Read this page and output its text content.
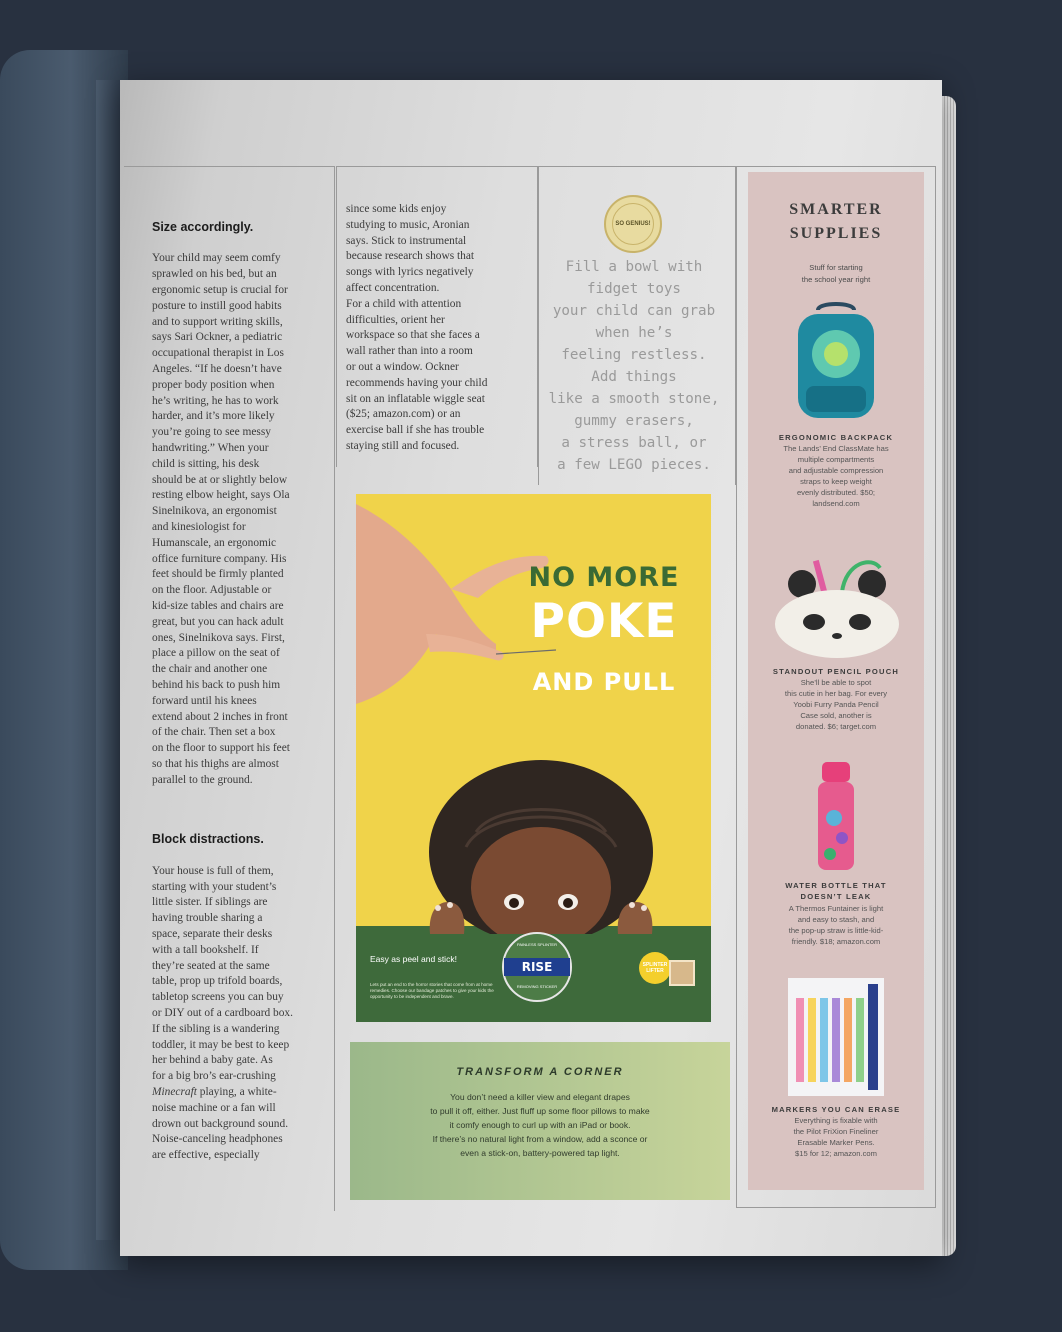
Size accordingly.

Your child may seem comfy
sprawled on his bed, but an
ergonomic setup is crucial for
posture to instill good habits
and to support writing skills,
says Sari Ockner, a pediatric
occupational therapist in Los
Angeles. “If he doesn’t have
proper body position when
he’s writing, he has to work
harder, and it’s more likely
you’re going to see messy
handwriting.” When your
child is sitting, his desk
should be at or slightly below
resting elbow height, says Ola
Sinelnikova, an ergonomist
and kinesiologist for
Humanscale, an ergonomic
office furniture company. His
feet should be firmly planted
on the floor. Adjustable or
kid-size tables and chairs are
great, but you can hack adult
ones, Sinelnikova says. First,
place a pillow on the seat of
the chair and another one
behind his back to push him
forward until his knees
extend about 2 inches in front
of the chair. Then set a box
on the floor to support his feet
so that his thighs are almost
parallel to the ground.

Block distractions.

Your house is full of them,
starting with your student’s
little sister. If siblings are
having trouble sharing a
space, separate their desks
with a tall bookshelf. If
they’re seated at the same
table, prop up trifold boards,
tabletop screens you can buy
or DIY out of a cardboard box.
If the sibling is a wandering
toddler, it may be best to keep
her behind a baby gate. As
for a big bro’s ear-crushing
Minecraft playing, a white-
noise machine or a fan will
drown out background sound.
Noise-canceling headphones
are effective, especially

since some kids enjoy
studying to music, Aronian
says. Stick to instrumental
because research shows that
songs with lyrics negatively
affect concentration.
For a child with attention
difficulties, orient her
workspace so that she faces a
wall rather than into a room
or out a window. Ockner
recommends having your child
sit on an inflatable wiggle seat
($25; amazon.com) or an
exercise ball if she has trouble
staying still and focused.
SO GENIUS!
Fill a bowl with
fidget toys
your child can grab
when he’s
feeling restless.
Add things
like a smooth stone,
gummy erasers,
a stress ball, or
a few LEGO pieces.
NO MORE
POKE
AND PULL
Easy as peel and stick!
Lets put an end to the horror stories that come from at home remedies. Choose our bandage patches to give your kids the opportunity to be independent and brave.
PAINLESS SPLINTER
RISE
REMOVING STICKER
SPLINTER LIFTER
TRANSFORM A CORNER

You don’t need a killer view and elegant drapes
to pull it off, either. Just fluff up some floor pillows to make
it comfy enough to curl up with an iPad or book.
If there’s no natural light from a window, add a sconce or
even a stick-on, battery-powered tap light.

SMARTER
SUPPLIES
Stuff for starting
the school year right
ERGONOMIC BACKPACK
The Lands’ End ClassMate has
multiple compartments
and adjustable compression
straps to keep weight
evenly distributed. $50;
landsend.com
STANDOUT PENCIL POUCH
She’ll be able to spot
this cutie in her bag. For every
Yoobi Furry Panda Pencil
Case sold, another is
donated. $6; target.com
WATER BOTTLE THAT
DOESN’T LEAK
A Thermos Funtainer is light
and easy to stash, and
the pop-up straw is little-kid-
friendly. $18; amazon.com
MARKERS YOU CAN ERASE
Everything is fixable with
the Pilot FriXion Fineliner
Erasable Marker Pens.
$15 for 12; amazon.com
